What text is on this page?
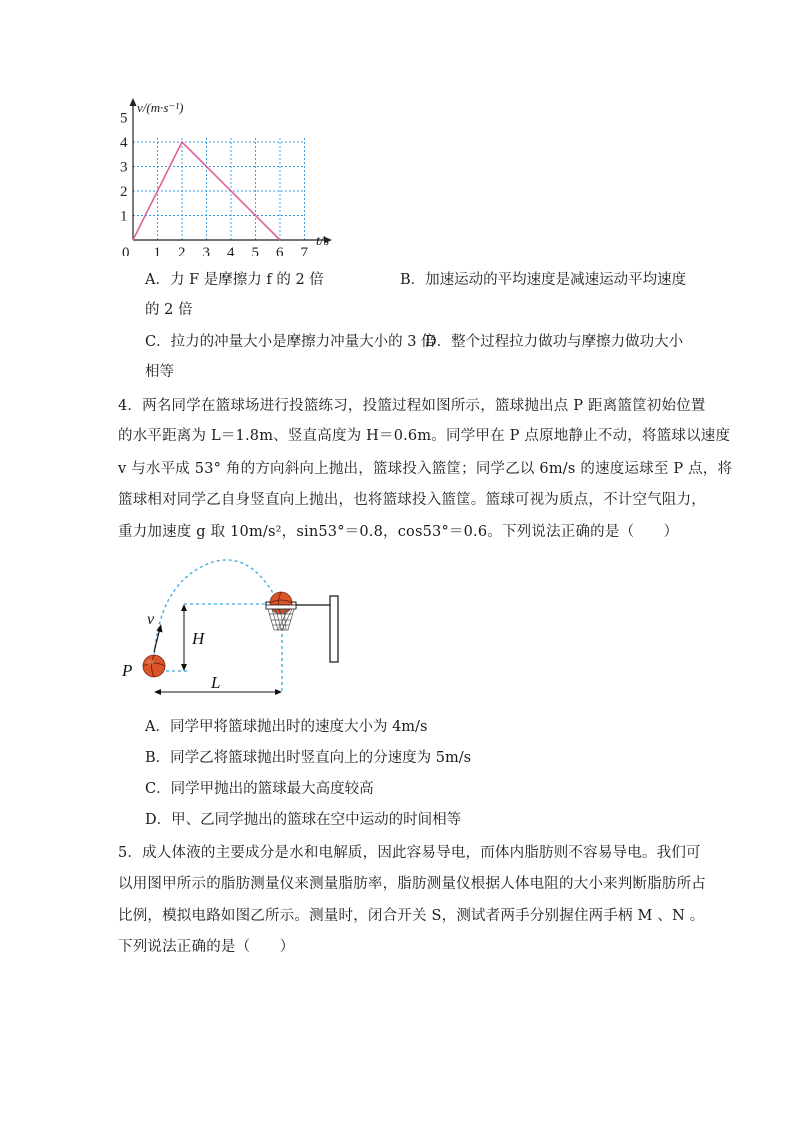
0 1 2 3 4 5 6 7
1
2
3
4
5
v/(m·s⁻¹)
t/s
A．力 F 是摩擦力 f 的 2 倍	B．加速运动的平均速度是减速运动平均速度
的 2 倍
C．拉力的冲量大小是摩擦力冲量大小的 3 倍
D．整个过程拉力做功与摩擦力做功大小
相等
4．两名同学在篮球场进行投篮练习，投篮过程如图所示，篮球抛出点 P 距离篮筐初始位置
的水平距离为 L＝1.8m、竖直高度为 H＝0.6m。同学甲在 P 点原地静止不动，将篮球以速度
v 与水平成 53° 角的方向斜向上抛出，篮球投入篮筐；同学乙以 6m/s 的速度运球至 P 点，将
篮球相对同学乙自身竖直向上抛出，也将篮球投入篮筐。篮球可视为质点，不计空气阻力，
重力加速度 g 取 10m/s²，sin53°＝0.8，cos53°＝0.6。下列说法正确的是（　　）
H
L
v
P
A．同学甲将篮球抛出时的速度大小为 4m/s
B．同学乙将篮球抛出时竖直向上的分速度为 5m/s
C．同学甲抛出的篮球最大高度较高
D．甲、乙同学抛出的篮球在空中运动的时间相等
5．成人体液的主要成分是水和电解质，因此容易导电，而体内脂肪则不容易导电。我们可
以用图甲所示的脂肪测量仪来测量脂肪率，脂肪测量仪根据人体电阻的大小来判断脂肪所占
比例，模拟电路如图乙所示。测量时，闭合开关 S，测试者两手分别握住两手柄 M 、N 。
下列说法正确的是（　　）
